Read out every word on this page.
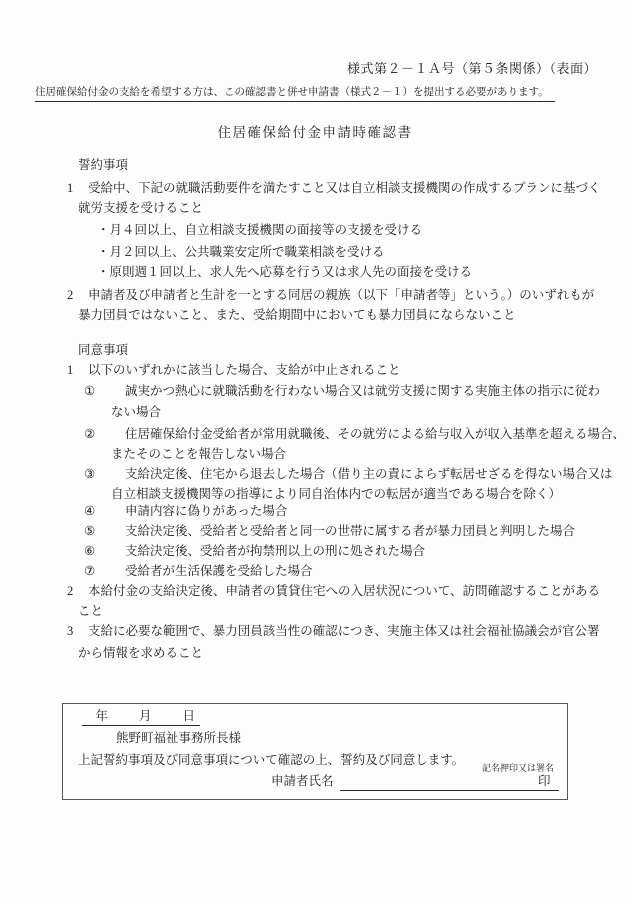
様式第２－１Ａ号（第５条関係）（表面）
住居確保給付金の支給を希望する方は、この確認書と併せ申請書（様式２－１）を提出する必要があります。
住居確保給付金申請時確認書
誓約事項
1	受給中、下記の就職活動要件を満たすこと又は自立相談支援機関の作成するプランに基づく
就労支援を受けること
・月４回以上、自立相談支援機関の面接等の支援を受ける
・月２回以上、公共職業安定所で職業相談を受ける
・原則週１回以上、求人先へ応募を行う又は求人先の面接を受ける
2	申請者及び申請者と生計を一とする同居の親族（以下「申請者等」という。）のいずれもが
暴力団員ではないこと、また、受給期間中においても暴力団員にならないこと
同意事項
1	以下のいずれかに該当した場合、支給が中止されること
①	誠実かつ熱心に就職活動を行わない場合又は就労支援に関する実施主体の指示に従わ
ない場合
②	住居確保給付金受給者が常用就職後、その就労による給与収入が収入基準を超える場合、
またそのことを報告しない場合
③	支給決定後、住宅から退去した場合（借り主の責によらず転居せざるを得ない場合又は
自立相談支援機関等の指導により同自治体内での転居が適当である場合を除く）
④	申請内容に偽りがあった場合
⑤	支給決定後、受給者と受給者と同一の世帯に属する者が暴力団員と判明した場合
⑥	支給決定後、受給者が拘禁刑以上の刑に処された場合
⑦	受給者が生活保護を受給した場合
2	本給付金の支給決定後、申請者の賃貸住宅への入居状況について、訪問確認することがある
こと
3	支給に必要な範囲で、暴力団員該当性の確認につき、実施主体又は社会福祉協議会が官公署
から情報を求めること
年　　月　　日
熊野町福祉事務所長様
上記誓約事項及び同意事項について確認の上、誓約及び同意します。
記名押印又は署名
申請者氏名	印
